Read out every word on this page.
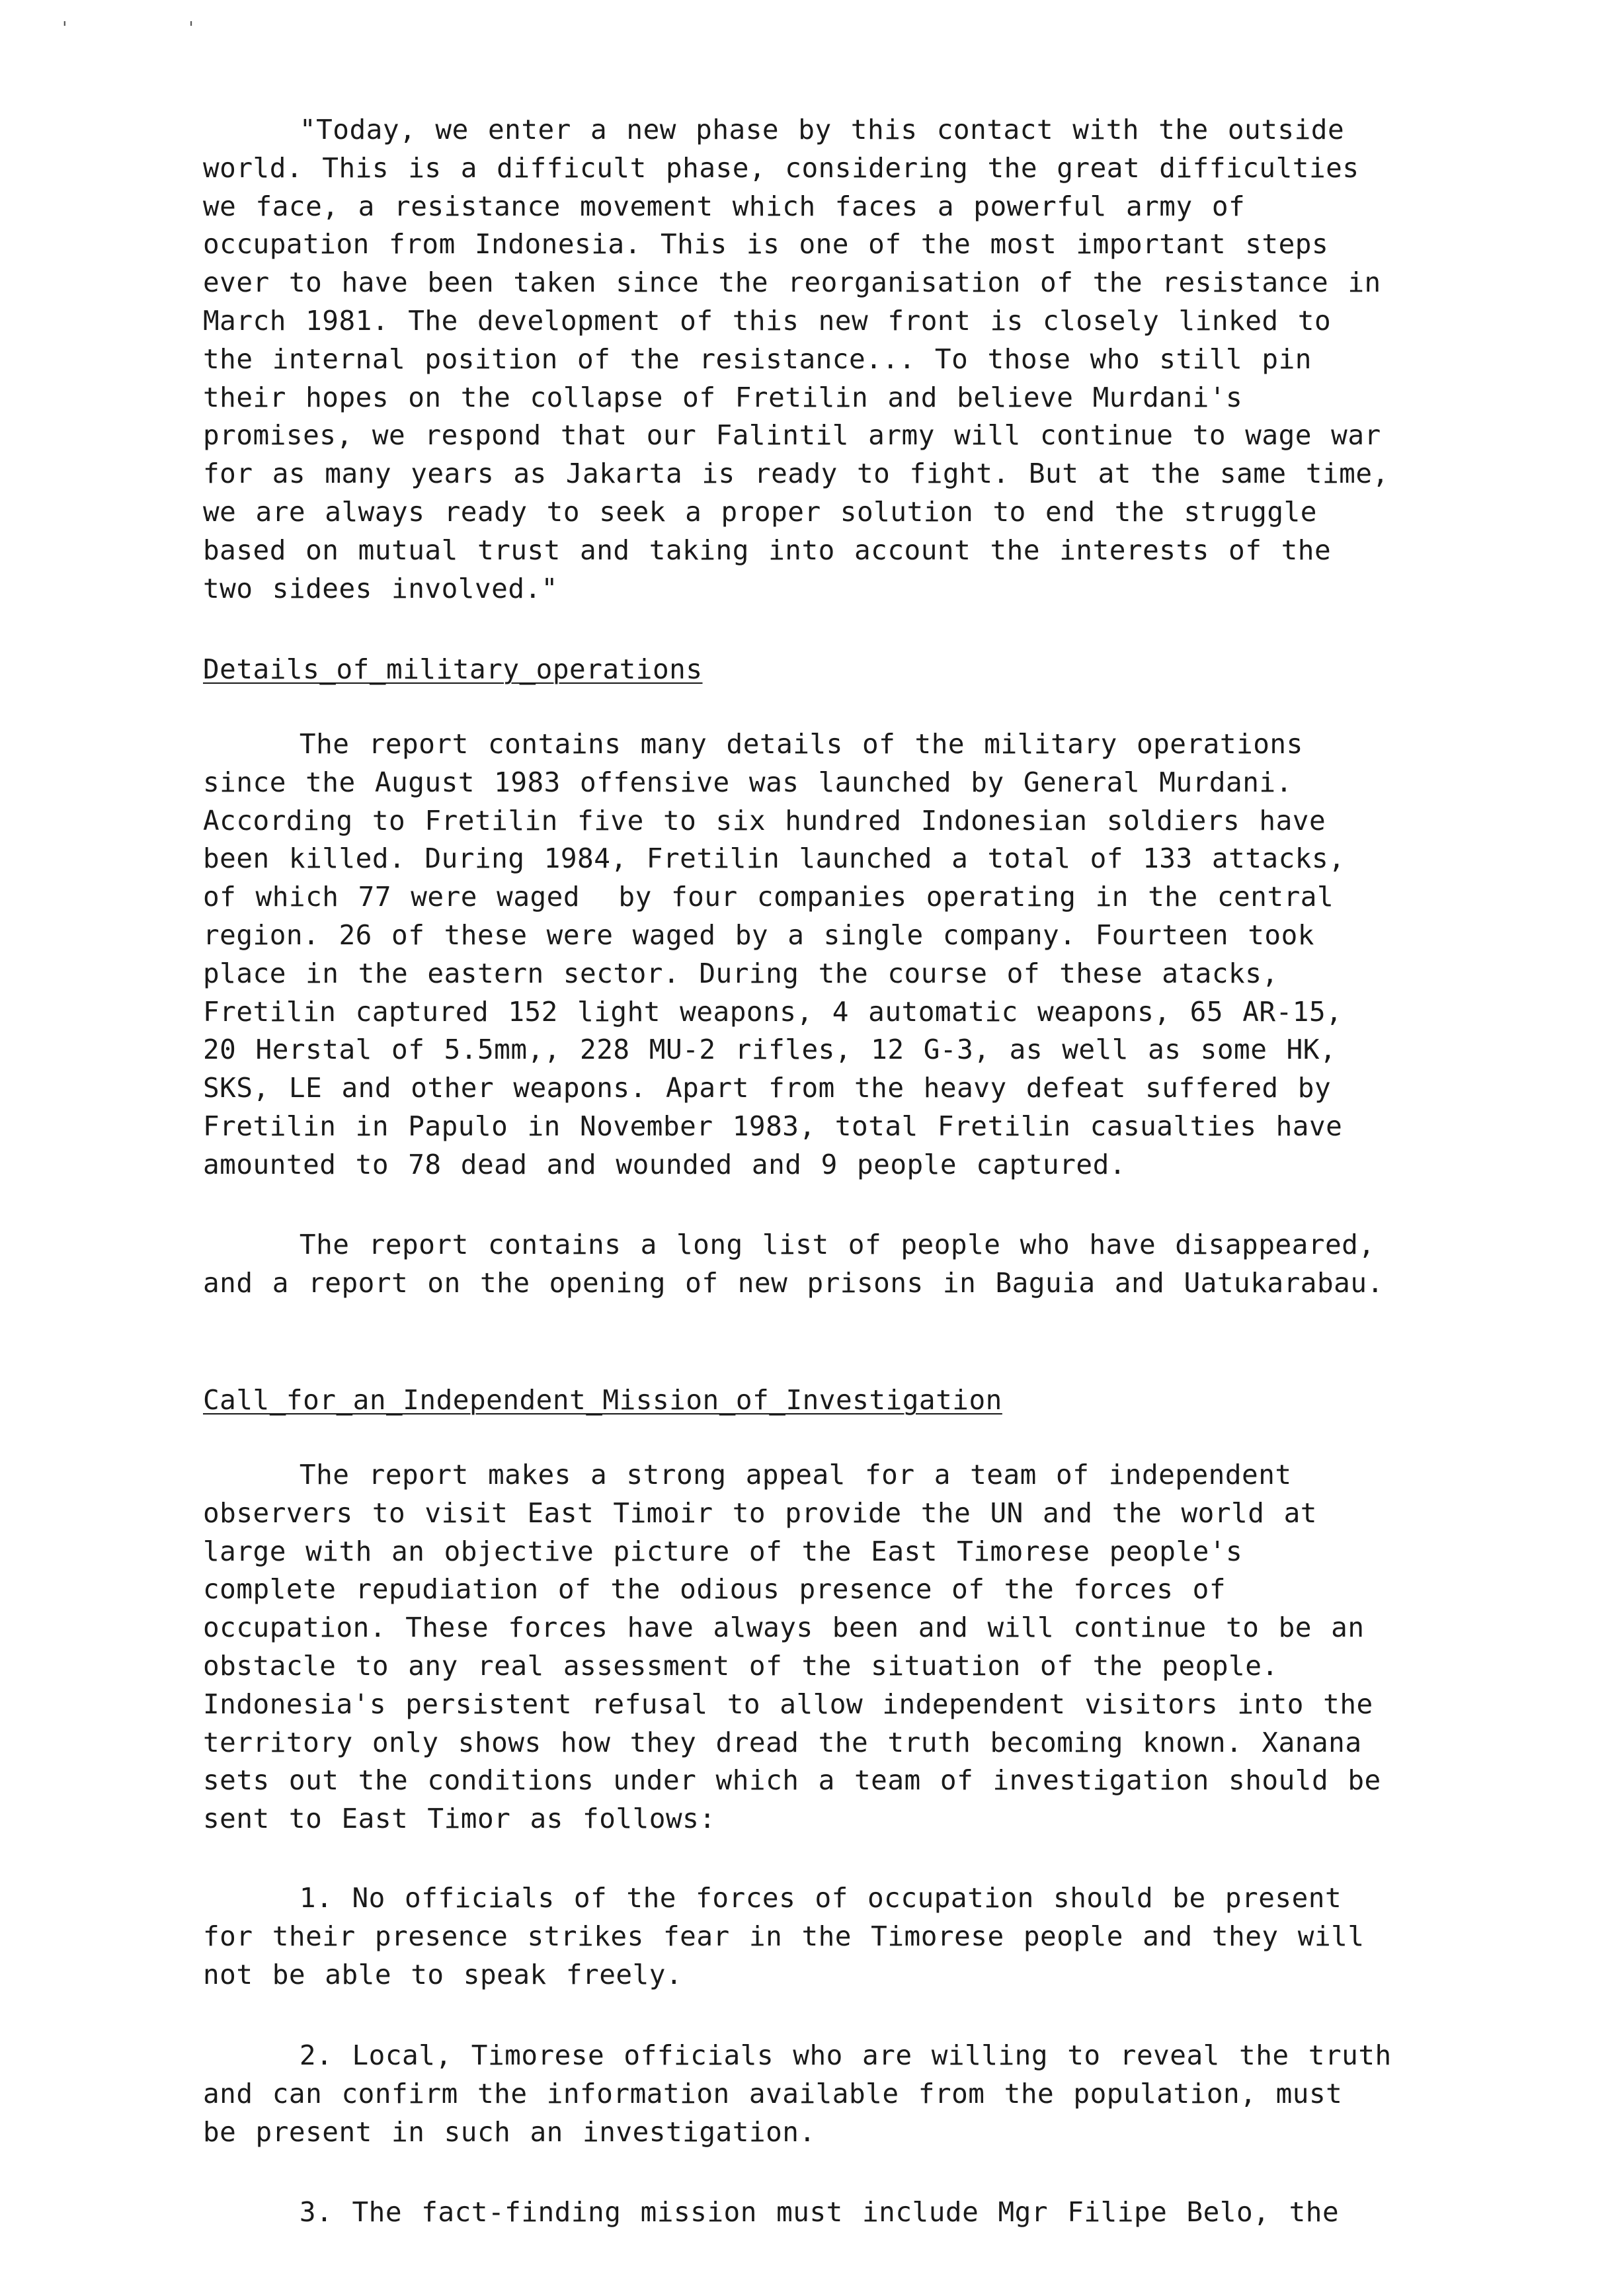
' '
"Today, we enter a new phase by this contact with the outside
world. This is a difficult phase, considering the great difficulties
we face, a resistance movement which faces a powerful army of
occupation from Indonesia. This is one of the most important steps
ever to have been taken since the reorganisation of the resistance in
March 1981. The development of this new front is closely linked to
the internal position of the resistance... To those who still pin
their hopes on the collapse of Fretilin and believe Murdani's
promises, we respond that our Falintil army will continue to wage war
for as many years as Jakarta is ready to fight. But at the same time,
we are always ready to seek a proper solution to end the struggle
based on mutual trust and taking into account the interests of the
two sidees involved."
Details_of_military_operations
The report contains many details of the military operations
since the August 1983 offensive was launched by General Murdani.
According to Fretilin five to six hundred Indonesian soldiers have
been killed. During 1984, Fretilin launched a total of 133 attacks,
of which 77 were waged  by four companies operating in the central
region. 26 of these were waged by a single company. Fourteen took
place in the eastern sector. During the course of these atacks,
Fretilin captured 152 light weapons, 4 automatic weapons, 65 AR-15,
20 Herstal of 5.5mm,, 228 MU-2 rifles, 12 G-3, as well as some HK,
SKS, LE and other weapons. Apart from the heavy defeat suffered by
Fretilin in Papulo in November 1983, total Fretilin casualties have
amounted to 78 dead and wounded and 9 people captured.
The report contains a long list of people who have disappeared,
and a report on the opening of new prisons in Baguia and Uatukarabau.
Call_for_an_Independent_Mission_of_Investigation
The report makes a strong appeal for a team of independent
observers to visit East Timoir to provide the UN and the world at
large with an objective picture of the East Timorese people's
complete repudiation of the odious presence of the forces of
occupation. These forces have always been and will continue to be an
obstacle to any real assessment of the situation of the people.
Indonesia's persistent refusal to allow independent visitors into the
territory only shows how they dread the truth becoming known. Xanana
sets out the conditions under which a team of investigation should be
sent to East Timor as follows:
1. No officials of the forces of occupation should be present
for their presence strikes fear in the Timorese people and they will
not be able to speak freely.
2. Local, Timorese officials who are willing to reveal the truth
and can confirm the information available from the population, must
be present in such an investigation.
3. The fact-finding mission must include Mgr Filipe Belo, the
